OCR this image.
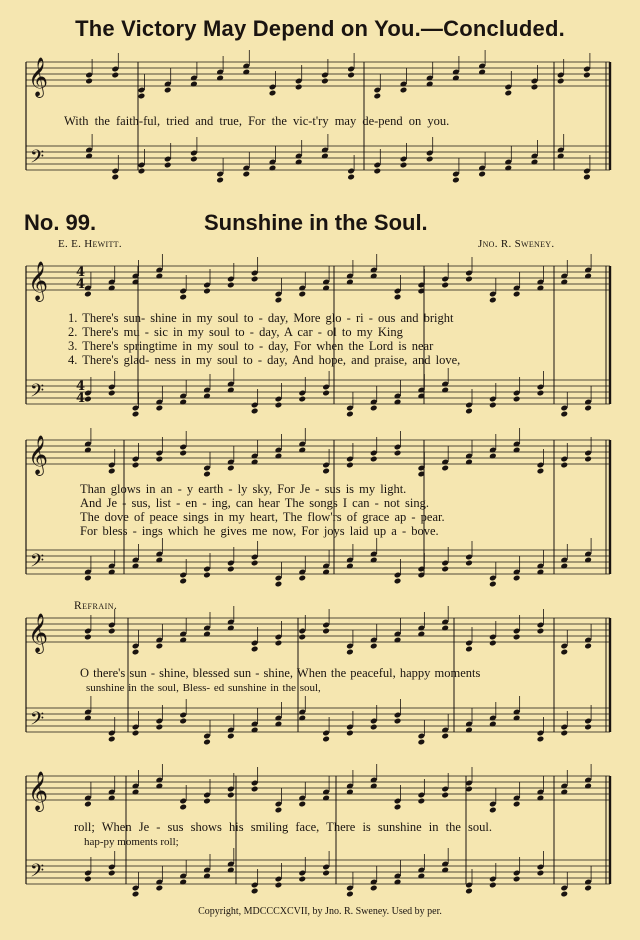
The Victory May Depend on You.—Concluded.
𝄞
𝄢
𝄞
𝄢
𝄞
𝄢
𝄞
𝄢
𝄞
𝄢
4
4
4
4
With the faith-ful, tried and true, For the vic-t'ry may de-pend on you.
No. 99.	Sunshine in the Soul.
E. E. Hewitt.	Jno. R. Sweney.
1. There's sun- shine in my soul to - day, More glo - ri - ous and bright
2. There's mu - sic in my soul to - day, A car - ol to my King
3. There's springtime in my soul to - day, For when the Lord is near
4. There's glad- ness in my soul to - day, And hope, and praise, and love,
Than glows in an - y earth - ly sky, For Je - sus is my light.
And Je - sus, list - en - ing, can hear The songs I can - not sing.
The dove of peace sings in my heart, The flow'rs of grace ap - pear.
For bless - ings which he gives me now, For joys laid up a - bove.
Refrain.
O there's sun - shine, blessed sun - shine, When the peaceful, happy moments
sunshine in the soul, Bless- ed sunshine in the soul,
roll; When Je - sus shows his smiling face, There is sunshine in the soul.
hap-py moments roll;
Copyright, MDCCCXCVII, by Jno. R. Sweney. Used by per.
